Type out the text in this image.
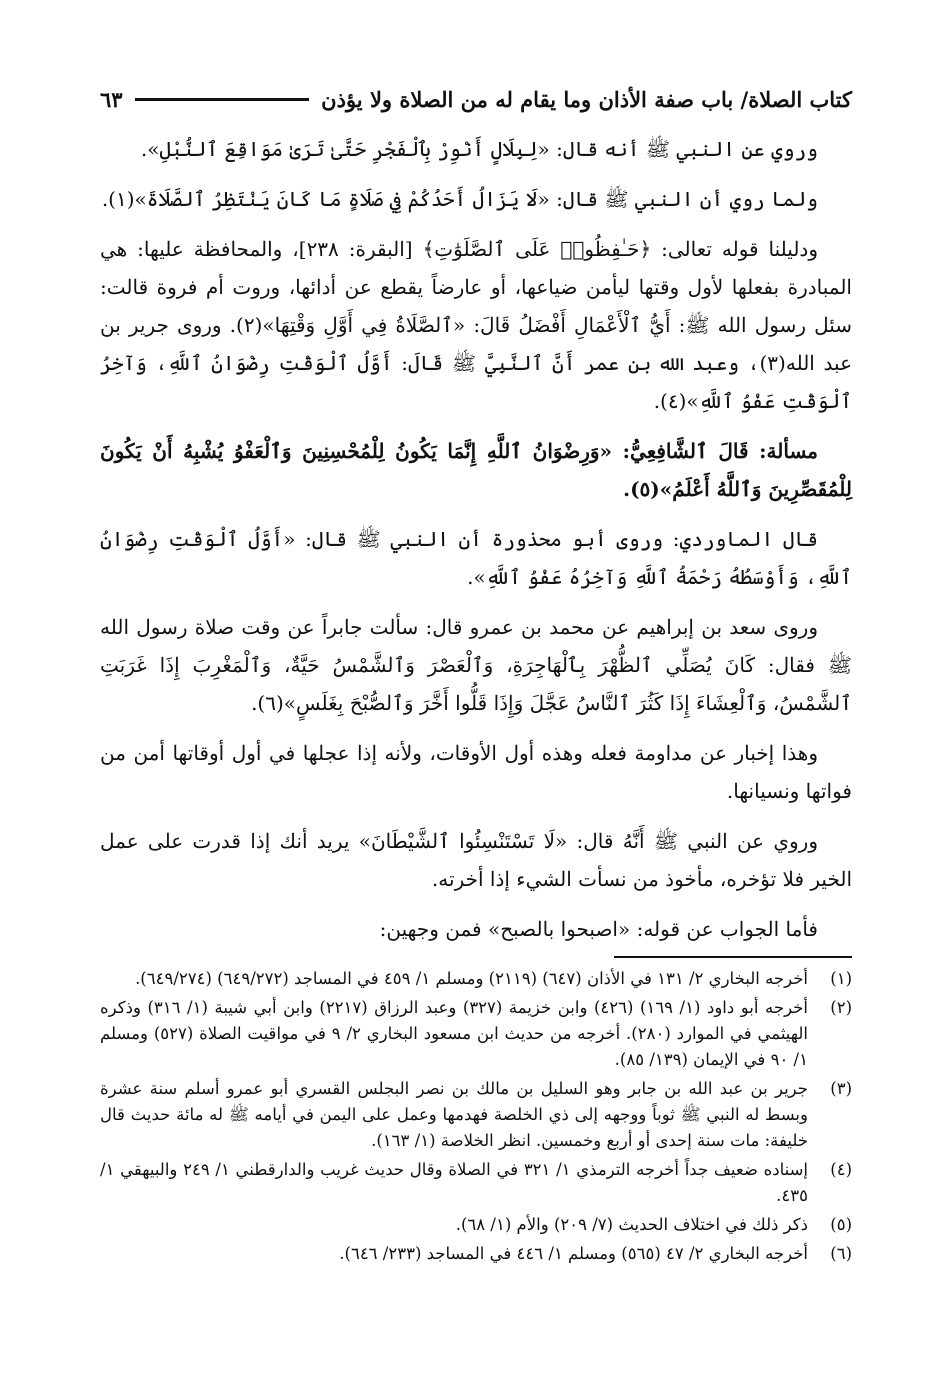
كتاب الصلاة/ باب صفة الأذان وما يقام له من الصلاة ولا يؤذن
٦٣

وروي عن النبي ﷺ أنه قال: «لِبِلَالٍ أَنْوِرْ بِٱلْفَجْرِ حَتَّىٰ تَرَىٰ مَوَاقِعَ ٱلنُّبْلِ».

ولما روي أن النبي ﷺ قال: «لَا يَزَالُ أَحَدُكُمْ فِي صَلَاةٍ مَا كَانَ يَنْتَظِرُ ٱلصَّلَاةَ»(١).

ودليلنا قوله تعالى: ﴿حَـٰفِظُوا۟ عَلَى ٱلصَّلَوَٰتِ﴾ [البقرة: ٢٣٨]، والمحافظة عليها: هي المبادرة بفعلها لأول وقتها ليأمن ضياعها، أو عارضاً يقطع عن أدائها، وروت أم فروة قالت: سئل رسول الله ﷺ: أَيُّ ٱلْأَعْمَالِ أَفْضَلُ قَالَ: «ٱلصَّلَاةُ فِي أَوَّلِ وَقْتِهَا»(٢). وروى جرير بن عبد الله(٣)، وعبد الله بن عمر أَنَّ ٱلنَّبِيَّ ﷺ قَالَ: أَوَّلُ ٱلْوَقْتِ رِضْوَانُ ٱللَّهِ، وَآخِرُ ٱلْوَقْتِ عَفْوُ ٱللَّهِ»(٤).

مسألة: قَالَ ٱلشَّافِعِيُّ: «وَرِضْوَانُ ٱللَّهِ إِنَّمَا يَكُونُ لِلْمُحْسِنِينَ وَٱلْعَفْوُ يُشْبِهُ أَنْ يَكُونَ لِلْمُقَصِّرِينَ وَٱللَّهُ أَعْلَمُ»(٥).

قال الماوردي: وروى أبو محذورة أن النبي ﷺ قال: «أَوَّلُ ٱلْوَقْتِ رِضْوَانُ ٱللَّهِ، وَأَوْسَطُهُ رَحْمَةُ ٱللَّهِ وَآخِرُهُ عَفْوُ ٱللَّهِ».

وروى سعد بن إبراهيم عن محمد بن عمرو قال: سألت جابراً عن وقت صلاة رسول الله ﷺ فقال: كَانَ يُصَلِّي ٱلظُّهْرَ بِٱلْهَاجِرَةِ، وَٱلْعَصْرَ وَٱلشَّمْسُ حَيَّةٌ، وَٱلْمَغْرِبَ إِذَا غَرَبَتِ ٱلشَّمْسُ، وَٱلْعِشَاءَ إِذَا كَثُرَ ٱلنَّاسُ عَجَّلَ وَإِذَا قَلُّوا أَخَّرَ وَٱلصُّبْحَ بِغَلَسٍ»(٦).

وهذا إخبار عن مداومة فعله وهذه أول الأوقات، ولأنه إذا عجلها في أول أوقاتها أمن من فواتها ونسيانها.

وروي عن النبي ﷺ أَنَّهُ قال: «لَا تَسْتَنْسِئُوا ٱلشَّيْطَانَ» يريد أنك إذا قدرت على عمل الخير فلا تؤخره، مأخوذ من نسأت الشيء إذا أخرته.

فأما الجواب عن قوله: «اصبحوا بالصبح» فمن وجهين:

(١)
أخرجه البخاري ٢/ ١٣١ في الأذان (٦٤٧) (٢١١٩) ومسلم ١/ ٤٥٩ في المساجد (٦٤٩/٢٧٢) (٦٤٩/٢٧٤).
(٢)
أخرجه أبو داود (١/ ١٦٩) (٤٢٦) وابن خزيمة (٣٢٧) وعبد الرزاق (٢٢١٧) وابن أبي شيبة (١/ ٣١٦) وذكره الهيثمي في الموارد (٢٨٠). أخرجه من حديث ابن مسعود البخاري ٢/ ٩ في مواقيت الصلاة (٥٢٧) ومسلم ١/ ٩٠ في الإيمان (١٣٩/ ٨٥).
(٣)
جرير بن عبد الله بن جابر وهو السليل بن مالك بن نصر البجلس القسري أبو عمرو أسلم سنة عشرة وبسط له النبي ﷺ ثوباً ووجهه إلى ذي الخلصة فهدمها وعمل على اليمن في أيامه ﷺ له مائة حديث قال خليفة: مات سنة إحدى أو أربع وخمسين. انظر الخلاصة (١/ ١٦٣).
(٤)
إسناده ضعيف جداً أخرجه الترمذي ١/ ٣٢١ في الصلاة وقال حديث غريب والدارقطني ١/ ٢٤٩ والبيهقي ١/ ٤٣٥.
(٥)
ذكر ذلك في اختلاف الحديث (٧/ ٢٠٩) والأم (١/ ٦٨).
(٦)
أخرجه البخاري ٢/ ٤٧ (٥٦٥) ومسلم ١/ ٤٤٦ في المساجد (٢٣٣/ ٦٤٦).
